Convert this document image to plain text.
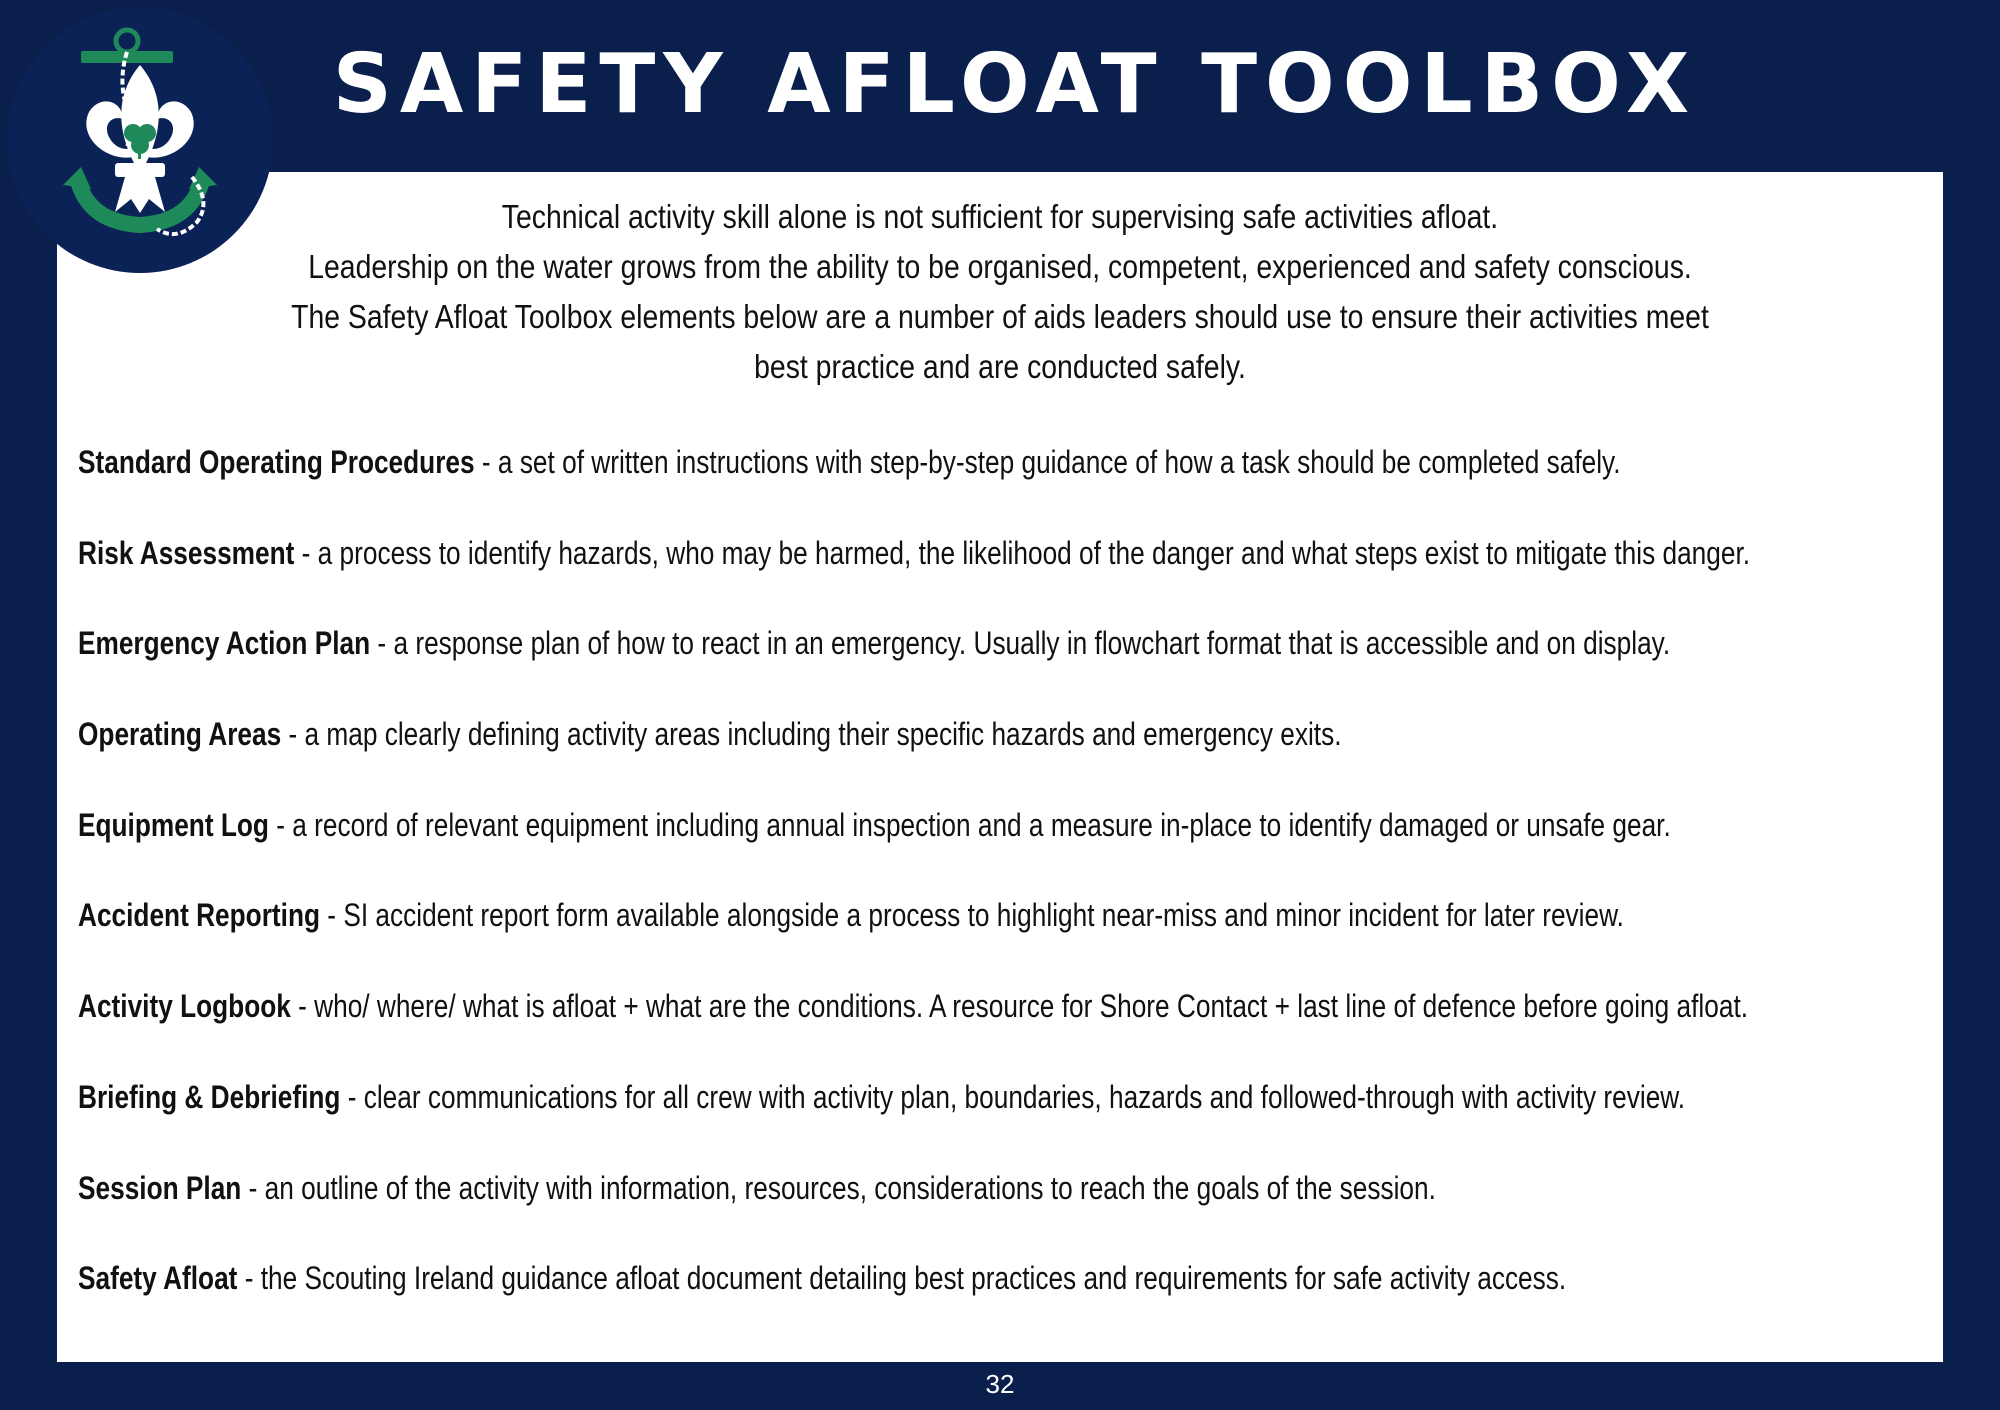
SAFETY AFLOAT TOOLBOX
Technical activity skill alone is not sufficient for supervising safe activities afloat.
Leadership on the water grows from the ability to be organised, competent, experienced and safety conscious.
The Safety Afloat Toolbox elements below are a number of aids leaders should use to ensure their activities meet
best practice and are conducted safely.
Standard Operating Procedures - a set of written instructions with step-by-step guidance of how a task should be completed safely.
Risk Assessment - a process to identify hazards, who may be harmed, the likelihood of the danger and what steps exist to mitigate this danger.
Emergency Action Plan - a response plan of how to react in an emergency. Usually in flowchart format that is accessible and on display.
Operating Areas - a map clearly defining activity areas including their specific hazards and emergency exits.
Equipment Log - a record of relevant equipment including annual inspection and a measure in-place to identify damaged or unsafe gear.
Accident Reporting - SI accident report form available alongside a process to highlight near-miss and minor incident for later review.
Activity Logbook - who/ where/ what is afloat + what are the conditions. A resource for Shore Contact + last line of defence before going afloat.
Briefing & Debriefing - clear communications for all crew with activity plan, boundaries, hazards and followed-through with activity review.
Session Plan - an outline of the activity with information, resources, considerations to reach the goals of the session.
Safety Afloat - the Scouting Ireland guidance afloat document detailing best practices and requirements for safe activity access.
32
